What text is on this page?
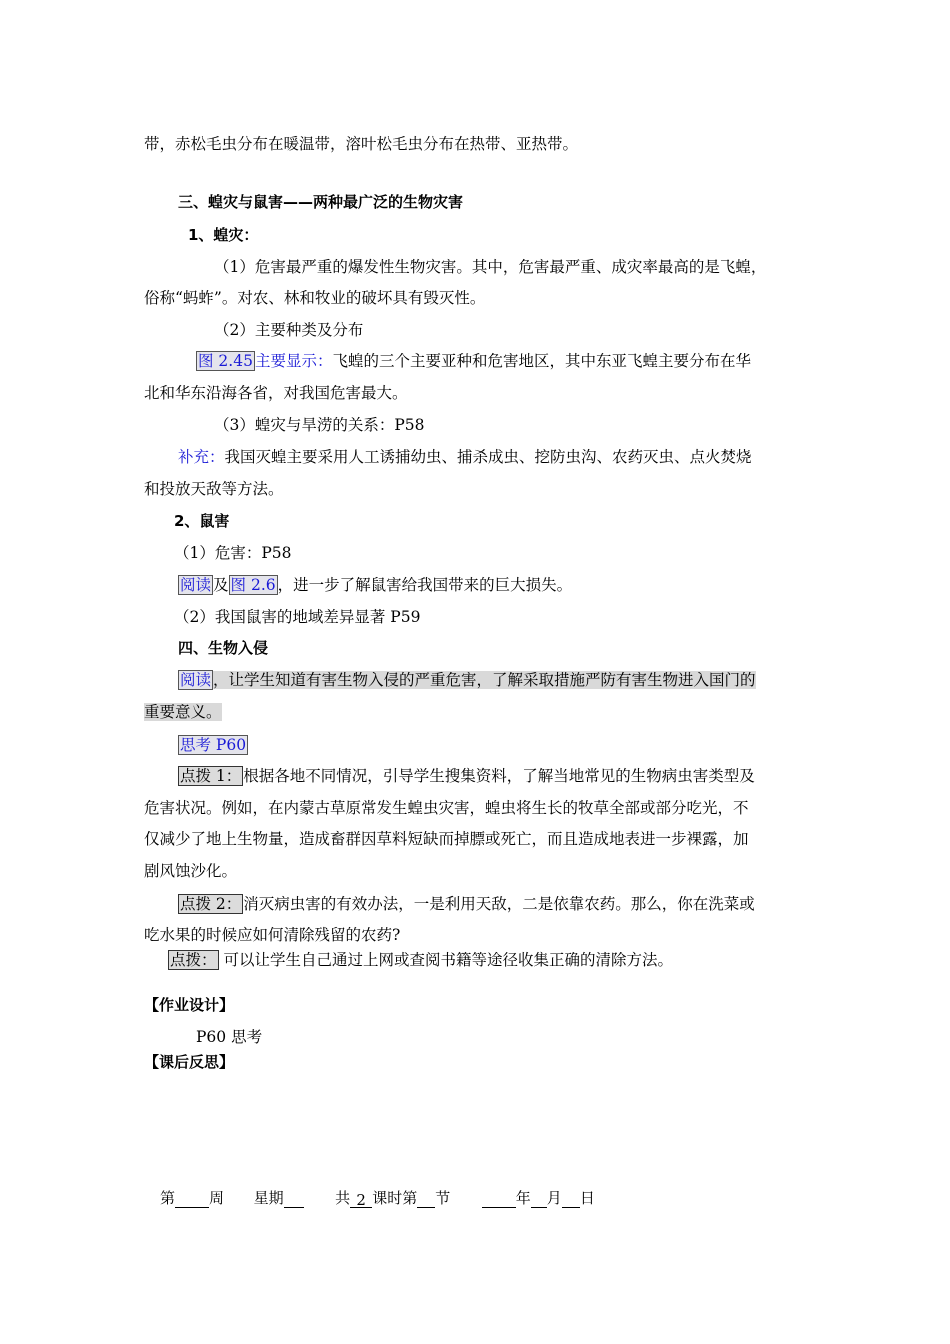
带，赤松毛虫分布在暖温带，溶叶松毛虫分布在热带、亚热带。
三、蝗灾与鼠害——两种最广泛的生物灾害
1、蝗灾：
（1）危害最严重的爆发性生物灾害。其中，危害最严重、成灾率最高的是飞蝗，
俗称“蚂蚱”。对农、林和牧业的破坏具有毁灭性。
（2）主要种类及分布
图 2.45 主要显示：飞蝗的三个主要亚种和危害地区，其中东亚飞蝗主要分布在华
北和华东沿海各省，对我国危害最大。
（3）蝗灾与旱涝的关系：P58
补充：我国灭蝗主要采用人工诱捕幼虫、捕杀成虫、挖防虫沟、农药灭虫、点火焚烧
和投放天敌等方法。
2、鼠害
（1）危害：P58
阅读 及 图 2.6 ，进一步了解鼠害给我国带来的巨大损失。
（2）我国鼠害的地域差异显著 P59
四、生物入侵
阅读 ，让学生知道有害生物入侵的严重危害，了解采取措施严防有害生物进入国门的
重要意义。
思考 P60
点拨 1： 根据各地不同情况，引导学生搜集资料，了解当地常见的生物病虫害类型及
危害状况。例如，在内蒙古草原常发生蝗虫灾害，蝗虫将生长的牧草全部或部分吃光，不
仅减少了地上生物量，造成畜群因草料短缺而掉膘或死亡，而且造成地表进一步裸露，加
剧风蚀沙化。
点拨 2： 消灭病虫害的有效办法，一是利用天敌，二是依靠农药。那么，你在洗菜或
吃水果的时候应如何清除残留的农药?
点拨： 可以让学生自己通过上网或查阅书籍等途径收集正确的清除方法。
【作业设计】
P60 思考
【课后反思】
第 周 星期	共 2 课时第 节	年 月 日
